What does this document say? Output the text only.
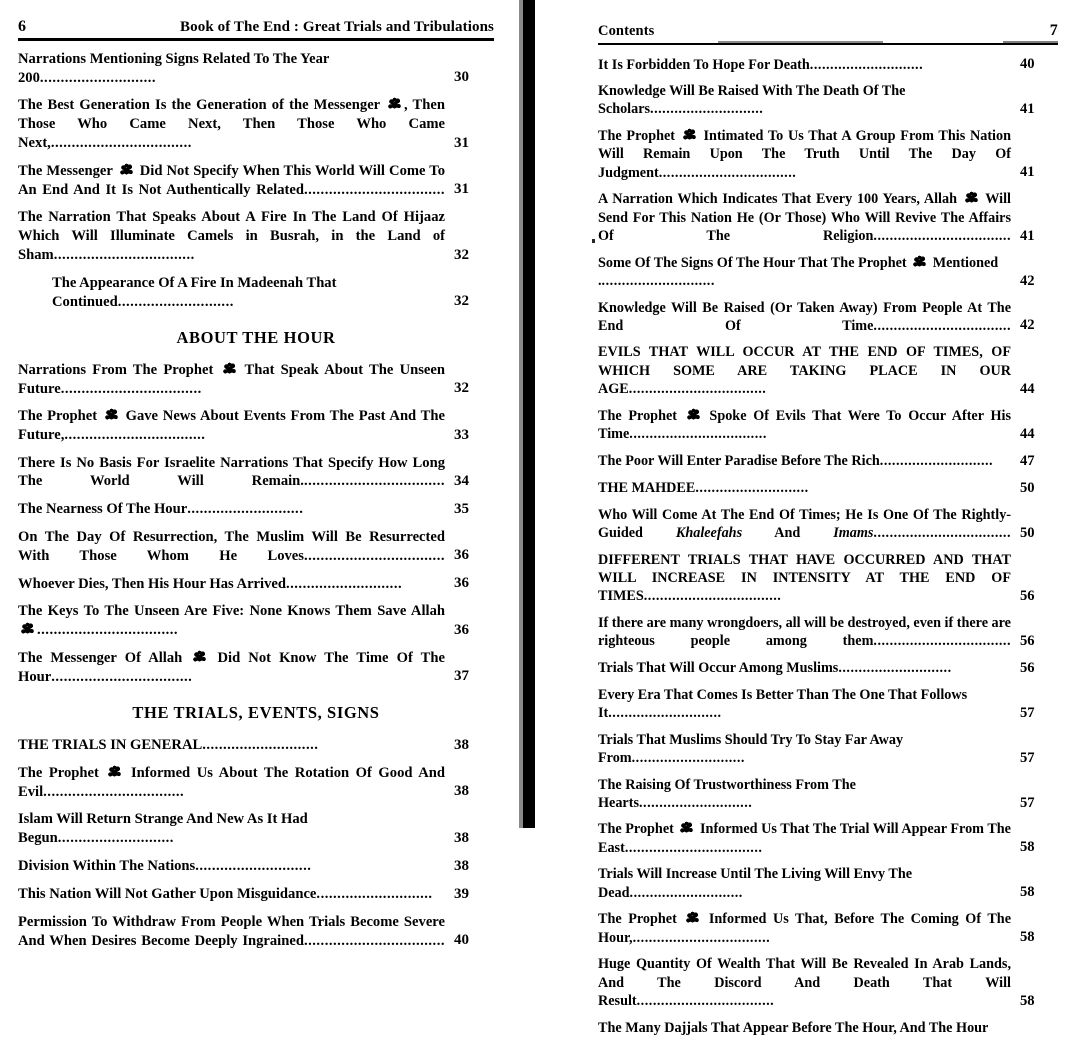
6	Book of The End : Great Trials and Tribulations
Narrations Mentioning Signs Related To The Year 200............................	30
The Best Generation Is the Generation of the Messenger , Then Those Who Came Next, Then Those Who Came Next,..................................	31
The Messenger  Did Not Specify When This World Will Come To An End And It Is Not Authentically Related.................................. 31
The Narration That Speaks About A Fire In The Land Of Hijaaz Which Will Illuminate Camels in Busrah, in the Land of Sham..................................	32
The Appearance Of A Fire In Madeenah That Continued............................	32
ABOUT THE HOUR
Narrations From The Prophet  That Speak About The Unseen Future..................................	32
The Prophet  Gave News About Events From The Past And The Future,..................................	33
There Is No Basis For Israelite Narrations That Specify How Long The World Will Remain................................... 34
The Nearness Of The Hour............................	35
On The Day Of Resurrection, The Muslim Will Be Resurrected With Those Whom He Loves.................................. 36
Whoever Dies, Then His Hour Has Arrived............................	36
The Keys To The Unseen Are Five: None Knows Them Save Allah ..................................	36
The Messenger Of Allah  Did Not Know The Time Of The Hour..................................	37
THE TRIALS, EVENTS, SIGNS
THE TRIALS IN GENERAL............................	38
The Prophet  Informed Us About The Rotation Of Good And Evil..................................	38
Islam Will Return Strange And New As It Had Begun............................	38
Division Within The Nations............................	38
This Nation Will Not Gather Upon Misguidance............................	39
Permission To Withdraw From People When Trials Become Severe And When Desires Become Deeply Ingrained.................................. 40
Contents	7
It Is Forbidden To Hope For Death............................	40
Knowledge Will Be Raised With The Death Of The Scholars............................	41
The Prophet  Intimated To Us That A Group From This Nation Will Remain Upon The Truth Until The Day Of Judgment..................................	41
A Narration Which Indicates That Every 100 Years, Allah  Will Send For This Nation He (Or Those) Who Will Revive The Affairs Of The Religion.................................. 41
Some Of The Signs Of The Hour That The Prophet  Mentioned .............................	42
Knowledge Will Be Raised (Or Taken Away) From People At The End Of Time.................................. 42
EVILS THAT WILL OCCUR AT THE END OF TIMES, OF WHICH SOME ARE TAKING PLACE IN OUR AGE..................................	44
The Prophet  Spoke Of Evils That Were To Occur After His Time..................................	44
The Poor Will Enter Paradise Before The Rich............................	47
THE MAHDEE............................	50
Who Will Come At The End Of Times; He Is One Of The Rightly-Guided Khaleefahs And Imams.................................. 50
DIFFERENT TRIALS THAT HAVE OCCURRED AND THAT WILL INCREASE IN INTENSITY AT THE END OF TIMES..................................	56
If there are many wrongdoers, all will be destroyed, even if there are righteous people among them.................................. 56
Trials That Will Occur Among Muslims............................	56
Every Era That Comes Is Better Than The One That Follows It............................	57
Trials That Muslims Should Try To Stay Far Away From............................	57
The Raising Of Trustworthiness From The Hearts............................	57
The Prophet  Informed Us That The Trial Will Appear From The East..................................	58
Trials Will Increase Until The Living Will Envy The Dead............................	58
The Prophet  Informed Us That, Before The Coming Of The Hour,..................................	58
Huge Quantity Of Wealth That Will Be Revealed In Arab Lands, And The Discord And Death That Will Result..................................	58
The Many Dajjals That Appear Before The Hour, And The Hour
